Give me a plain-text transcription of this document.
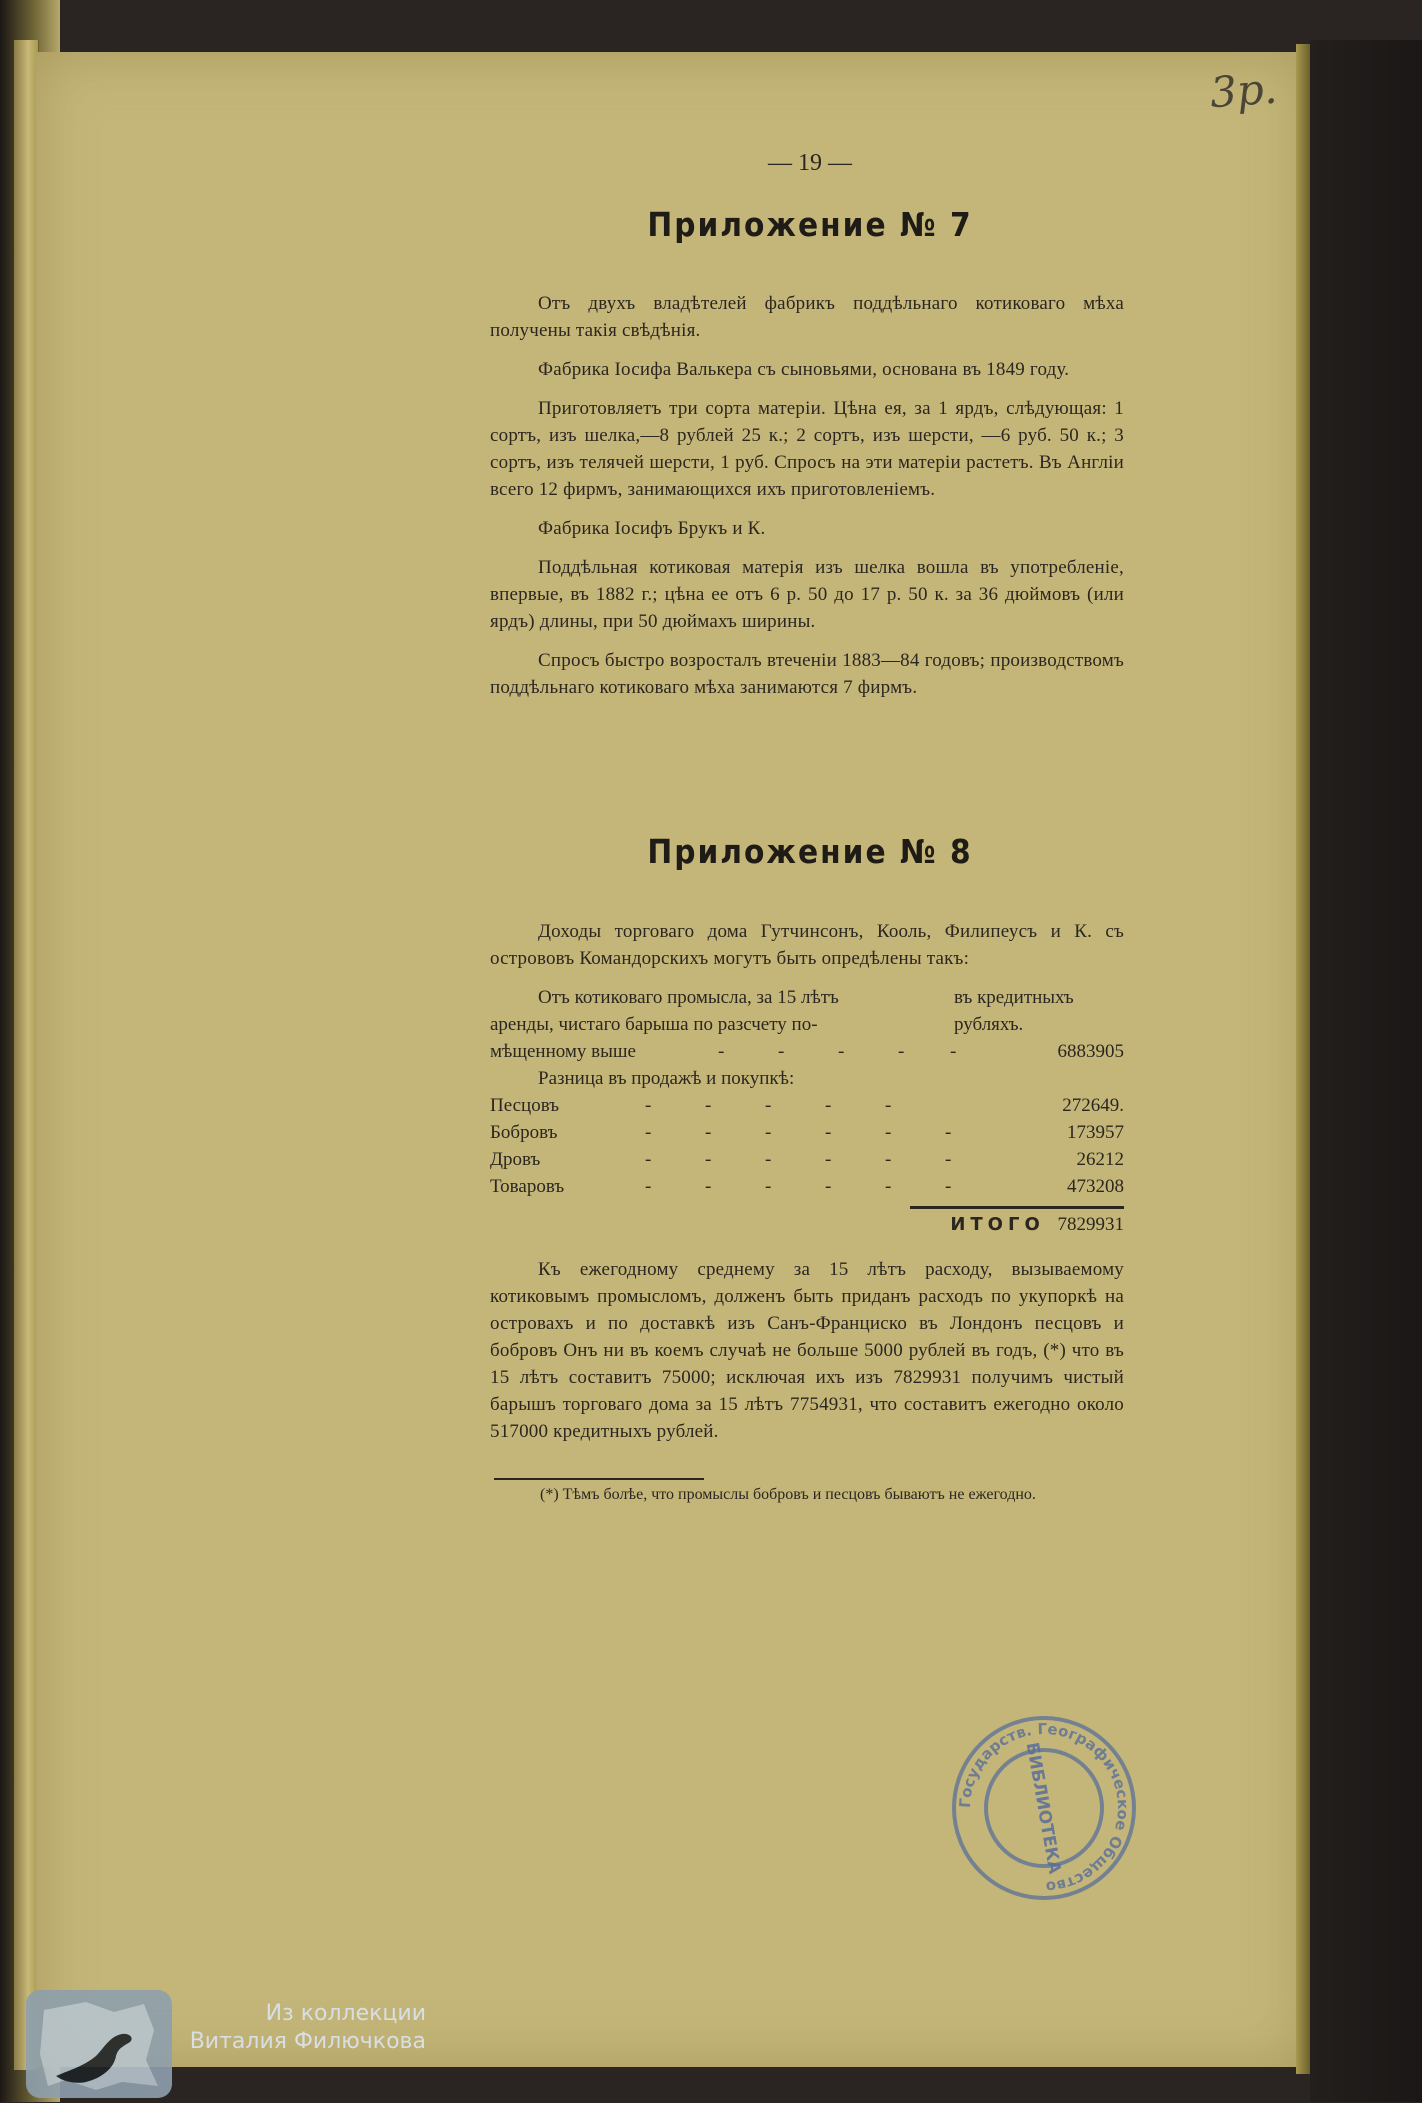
3р.
— 19 —
Приложение № 7

Отъ двухъ владѣтелей фабрикъ поддѣльнаго котиковаго мѣха получены такія свѣдѣнія.

Фабрика Іосифа Валькера съ сыновьями, основана въ 1849 году.

Приготовляетъ три сорта матеріи. Цѣна ея, за 1 ярдъ, слѣдующая: 1 сортъ, изъ шелка,—8 рублей 25 к.; 2 сортъ, изъ шерсти, —6 руб. 50 к.; 3 сортъ, изъ телячей шерсти, 1 руб. Спросъ на эти матеріи растетъ. Въ Англіи всего 12 фирмъ, занимающихся ихъ приготовленіемъ.

Фабрика Іосифъ Брукъ и К.

Поддѣльная котиковая матерія изъ шелка вошла въ употребленіе, впервые, въ 1882 г.; цѣна ее отъ 6 р. 50 до 17 р. 50 к. за 36 дюймовъ (или ярдъ) длины, при 50 дюймахъ ширины.

Спросъ быстро возросталъ втеченіи 1883—84 годовъ; производствомъ поддѣльнаго котиковаго мѣха занимаются 7 фирмъ.

Приложение № 8

Доходы торговаго дома Гутчинсонъ, Кооль, Филипеусъ и К. съ острововъ Командорскихъ могутъ быть опредѣлены такъ:

Отъ котиковаго промысла, за 15 лѣтъ	въ кредитныхъ
аренды, чистаго барыша по разсчету по-	рубляхъ.
мѣщенному выше	-	-	-	- -	6883905
Разница въ продажѣ и покупкѣ:
Песцовъ	-	-	-	-	-	272649.
Бобровъ	-	-	-	-	-	-	173957
Дровъ	-	-	-	-	-	-	26212
Товаровъ	-	-	-	-	-	-	473208
ИТОГО 7829931

Къ ежегодному среднему за 15 лѣтъ расходу, вызываемому котиковымъ промысломъ, долженъ быть приданъ расходъ по укупоркѣ на островахъ и по доставкѣ изъ Санъ-Франциско въ Лондонъ песцовъ и бобровъ Онъ ни въ коемъ случаѣ не больше 5000 рублей въ годъ, (*) что въ 15 лѣтъ составитъ 75000; исключая ихъ изъ 7829931 получимъ чистый барышъ торговаго дома за 15 лѣтъ 7754931, что составитъ ежегодно около 517000 кредитныхъ рублей.

(*) Тѣмъ болѣе, что промыслы бобровъ и песцовъ бываютъ не ежегодно.
Государств. Географическое Общество
БИБЛИОТЕКА
Из коллекции
Виталия Филючкова
